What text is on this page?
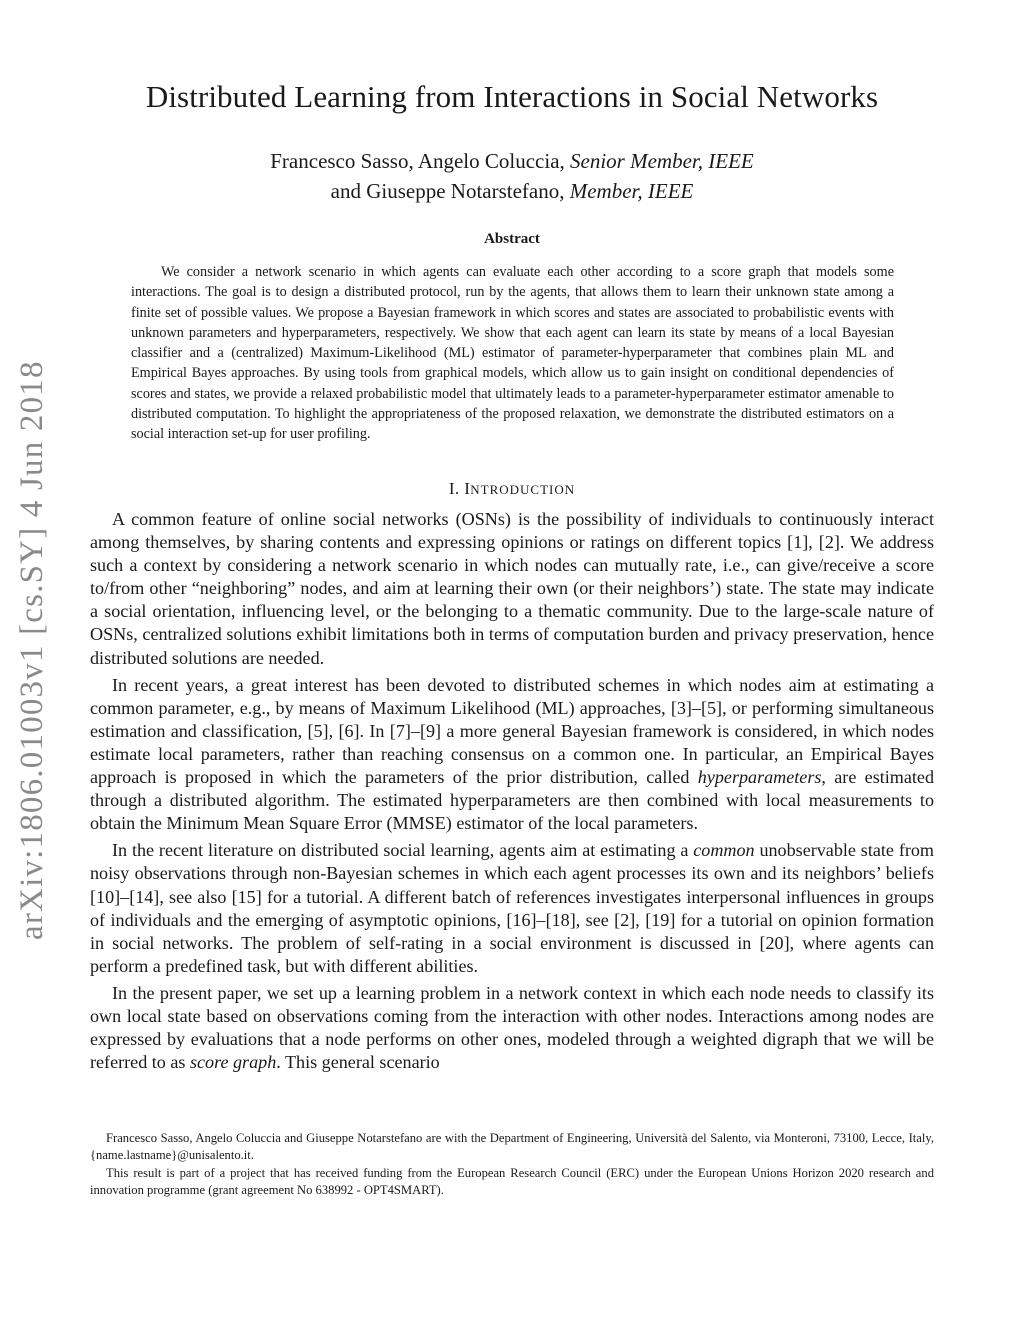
arXiv:1806.01003v1 [cs.SY] 4 Jun 2018
Distributed Learning from Interactions in Social Networks
Francesco Sasso, Angelo Coluccia, Senior Member, IEEE
and Giuseppe Notarstefano, Member, IEEE
Abstract

We consider a network scenario in which agents can evaluate each other according to a score graph that models some interactions. The goal is to design a distributed protocol, run by the agents, that allows them to learn their unknown state among a finite set of possible values. We propose a Bayesian framework in which scores and states are associated to probabilistic events with unknown parameters and hyperparameters, respectively. We show that each agent can learn its state by means of a local Bayesian classifier and a (centralized) Maximum-Likelihood (ML) estimator of parameter-hyperparameter that combines plain ML and Empirical Bayes approaches. By using tools from graphical models, which allow us to gain insight on conditional dependencies of scores and states, we provide a relaxed probabilistic model that ultimately leads to a parameter-hyperparameter estimator amenable to distributed computation. To highlight the appropriateness of the proposed relaxation, we demonstrate the distributed estimators on a social interaction set-up for user profiling.

I. INTRODUCTION

A common feature of online social networks (OSNs) is the possibility of individuals to continuously interact among themselves, by sharing contents and expressing opinions or ratings on different topics [1], [2]. We address such a context by considering a network scenario in which nodes can mutually rate, i.e., can give/receive a score to/from other “neighboring” nodes, and aim at learning their own (or their neighbors’) state. The state may indicate a social orientation, influencing level, or the belonging to a thematic community. Due to the large-scale nature of OSNs, centralized solutions exhibit limitations both in terms of computation burden and privacy preservation, hence distributed solutions are needed.

In recent years, a great interest has been devoted to distributed schemes in which nodes aim at estimating a common parameter, e.g., by means of Maximum Likelihood (ML) approaches, [3]–[5], or performing simultaneous estimation and classification, [5], [6]. In [7]–[9] a more general Bayesian framework is considered, in which nodes estimate local parameters, rather than reaching consensus on a common one. In particular, an Empirical Bayes approach is proposed in which the parameters of the prior distribution, called hyperparameters, are estimated through a distributed algorithm. The estimated hyperparameters are then combined with local measurements to obtain the Minimum Mean Square Error (MMSE) estimator of the local parameters.

In the recent literature on distributed social learning, agents aim at estimating a common unobservable state from noisy observations through non-Bayesian schemes in which each agent processes its own and its neighbors’ beliefs [10]–[14], see also [15] for a tutorial. A different batch of references investigates interpersonal influences in groups of individuals and the emerging of asymptotic opinions, [16]–[18], see [2], [19] for a tutorial on opinion formation in social networks. The problem of self-rating in a social environment is discussed in [20], where agents can perform a predefined task, but with different abilities.

In the present paper, we set up a learning problem in a network context in which each node needs to classify its own local state based on observations coming from the interaction with other nodes. Interactions among nodes are expressed by evaluations that a node performs on other ones, modeled through a weighted digraph that we will be referred to as score graph. This general scenario

Francesco Sasso, Angelo Coluccia and Giuseppe Notarstefano are with the Department of Engineering, Università del Salento, via Monteroni, 73100, Lecce, Italy, {name.lastname}@unisalento.it.

This result is part of a project that has received funding from the European Research Council (ERC) under the European Unions Horizon 2020 research and innovation programme (grant agreement No 638992 - OPT4SMART).
